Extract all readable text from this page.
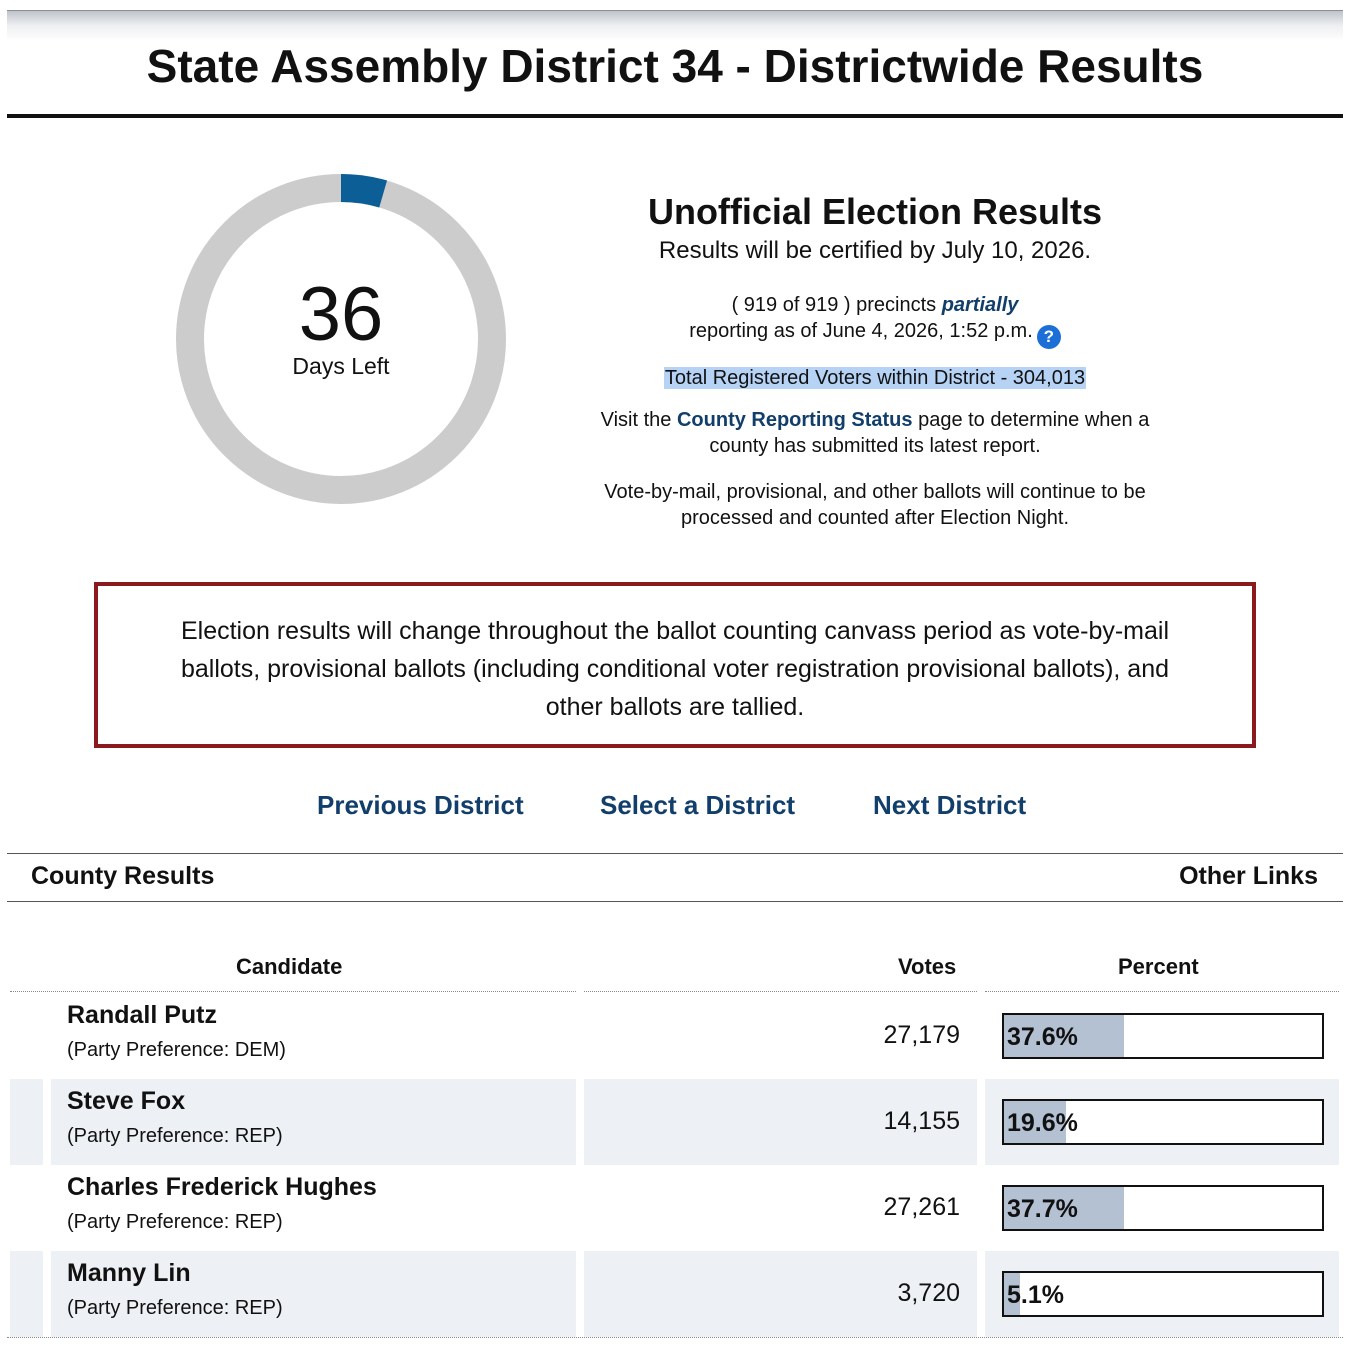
State Assembly District 34 - Districtwide Results
36
Days Left
Unofficial Election Results
Results will be certified by July 10, 2026.
( 919 of 919 ) precincts partially
reporting as of June 4, 2026, 1:52 p.m. ?
Total Registered Voters within District - 304,013
Visit the County Reporting Status page to determine when a
county has submitted its latest report.
Vote-by-mail, provisional, and other ballots will continue to be
processed and counted after Election Night.
Election results will change throughout the ballot counting canvass period as vote-by-mail
ballots, provisional ballots (including conditional voter registration provisional ballots), and
other ballots are tallied.
Previous District	Select a District	Next District
County Results	Other Links
Candidate	Votes	Percent
Randall Putz
(Party Preference: DEM)
27,179 37.6%
Steve Fox
(Party Preference: REP)
14,155 19.6%
Charles Frederick Hughes
(Party Preference: REP)
27,261 37.7%
Manny Lin
(Party Preference: REP)
3,720 5.1%
